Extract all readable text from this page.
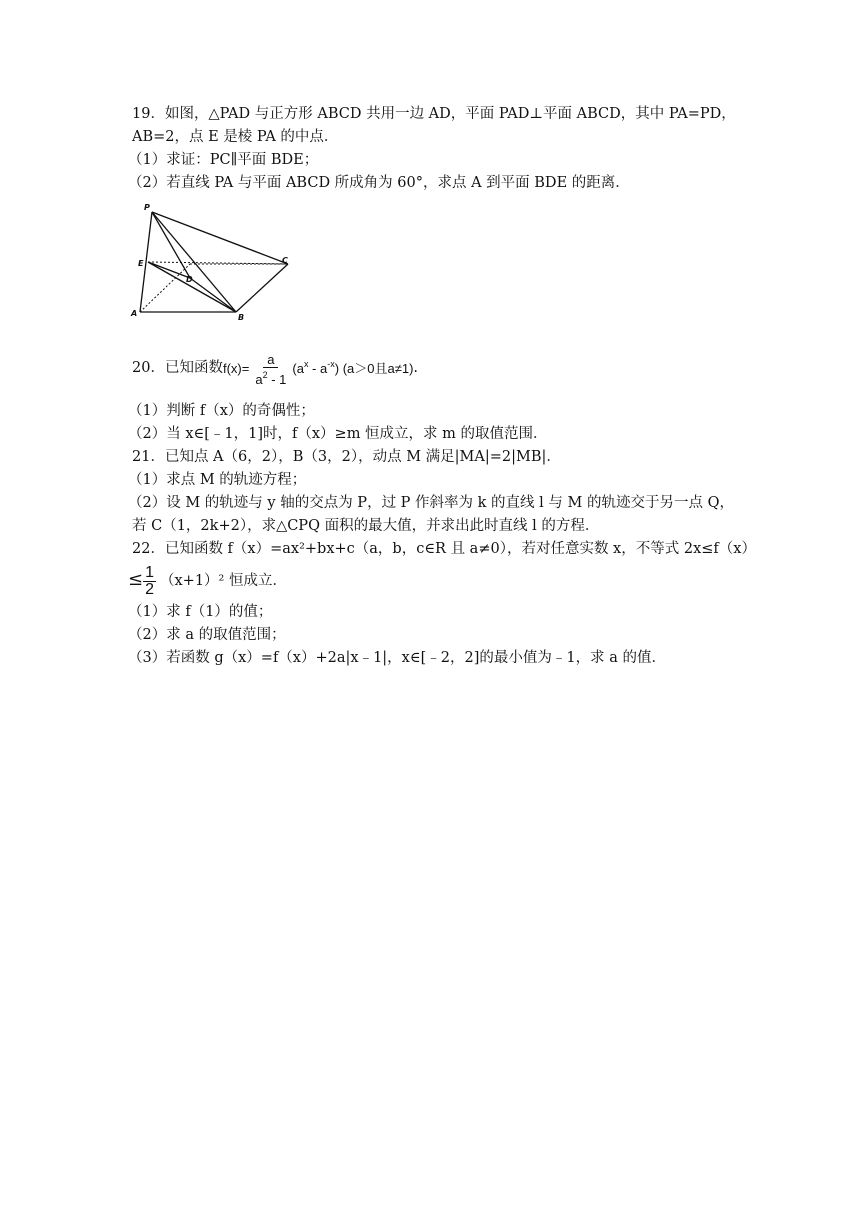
19．如图，△PAD 与正方形 ABCD 共用一边 AD，平面 PAD⊥平面 ABCD，其中 PA=PD，
AB=2，点 E 是棱 PA 的中点．
（1）求证：PC∥平面 BDE；
（2）若直线 PA 与平面 ABCD 所成角为 60°，求点 A 到平面 BDE 的距离．
P
E
D
C
A	B
20．已知函数$f(x)= \frac{a}{a^2 - 1} (a^x - a^{-x})$ (a＞0且a≠1).
（1）判断 f（x）的奇偶性；
（2）当 x∈[﹣1，1]时，f（x）≥m 恒成立，求 m 的取值范围．
21．已知点 A（6，2），B（3，2），动点 M 满足|MA|=2|MB|．
（1）求点 M 的轨迹方程；
（2）设 M 的轨迹与 y 轴的交点为 P，过 P 作斜率为 k 的直线 l 与 M 的轨迹交于另一点 Q，
若 C（1，2k+2），求△CPQ 面积的最大值，并求出此时直线 l 的方程．
22．已知函数 f（x）=ax²+bx+c（a，b，c∈R 且 a≠0），若对任意实数 x，不等式 2x≤f（x）
≤ $\frac{1}{2} (x+1)^2$ 恒成立．
（1）求 f（1）的值；
（2）求 a 的取值范围；
（3）若函数 g（x）=f（x）+2a|x﹣1|，x∈[﹣2，2]的最小值为﹣1，求 a 的值．
